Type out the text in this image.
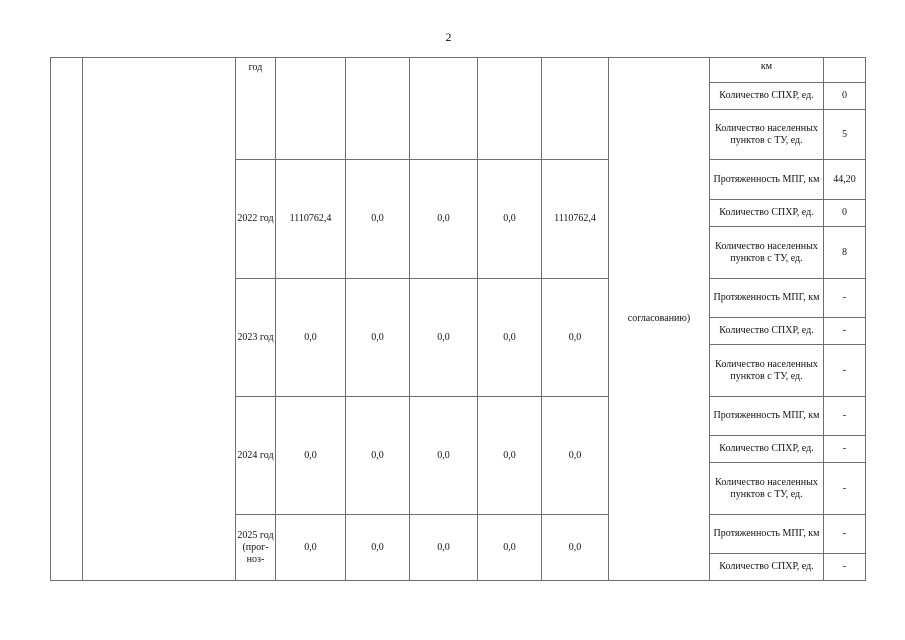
2
		год						согласованию)	км	
									Количество СПХР, ед.	0
									Количество населенных пунктов с ТУ, ед.	5
		2022 год	1110762,4	0,0	0,0	0,0	1110762,4		Протяженность МПГ, км	44,20
									Количество СПХР, ед.	0
									Количество населенных пунктов с ТУ, ед.	8
		2023 год	0,0	0,0	0,0	0,0	0,0		Протяженность МПГ, км	-
									Количество СПХР, ед.	-
									Количество населенных пунктов с ТУ, ед.	-
		2024 год	0,0	0,0	0,0	0,0	0,0		Протяженность МПГ, км	-
									Количество СПХР, ед.	-
									Количество населенных пунктов с ТУ, ед.	-
		2025 год (прог- ноз-	0,0	0,0	0,0	0,0	0,0		Протяженность МПГ, км	-
									Количество СПХР, ед.	-
